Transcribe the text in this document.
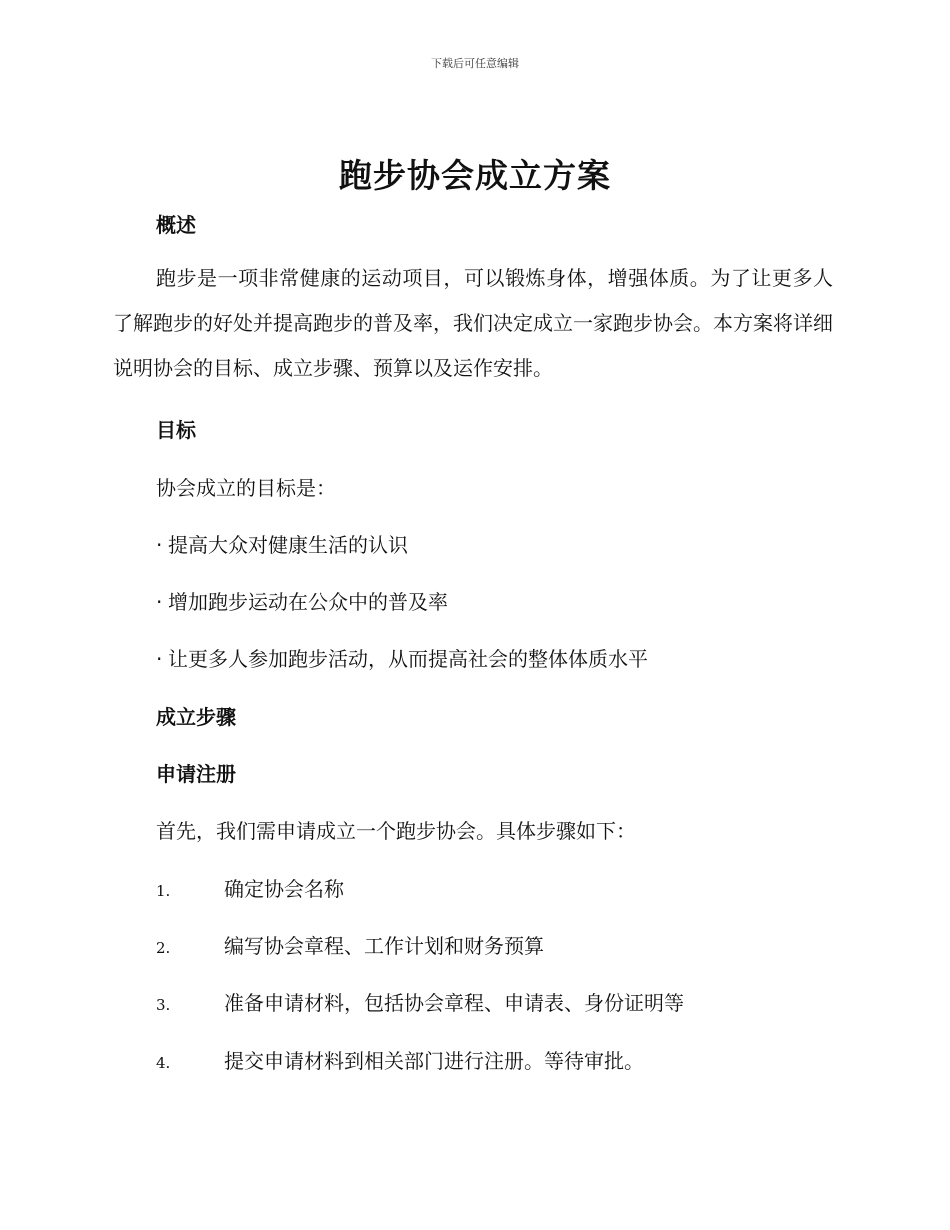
下载后可任意编辑
跑步协会成立方案
概述
跑步是一项非常健康的运动项目，可以锻炼身体，增强体质。为了让更多人了解跑步的好处并提高跑步的普及率，我们决定成立一家跑步协会。本方案将详细说明协会的目标、成立步骤、预算以及运作安排。
目标
协会成立的目标是：
· 提高大众对健康生活的认识
· 增加跑步运动在公众中的普及率
· 让更多人参加跑步活动，从而提高社会的整体体质水平
成立步骤
申请注册
首先，我们需申请成立一个跑步协会。具体步骤如下：
1.	确定协会名称
2.	编写协会章程、工作计划和财务预算
3.	准备申请材料，包括协会章程、申请表、身份证明等
4.	提交申请材料到相关部门进行注册。等待审批。
